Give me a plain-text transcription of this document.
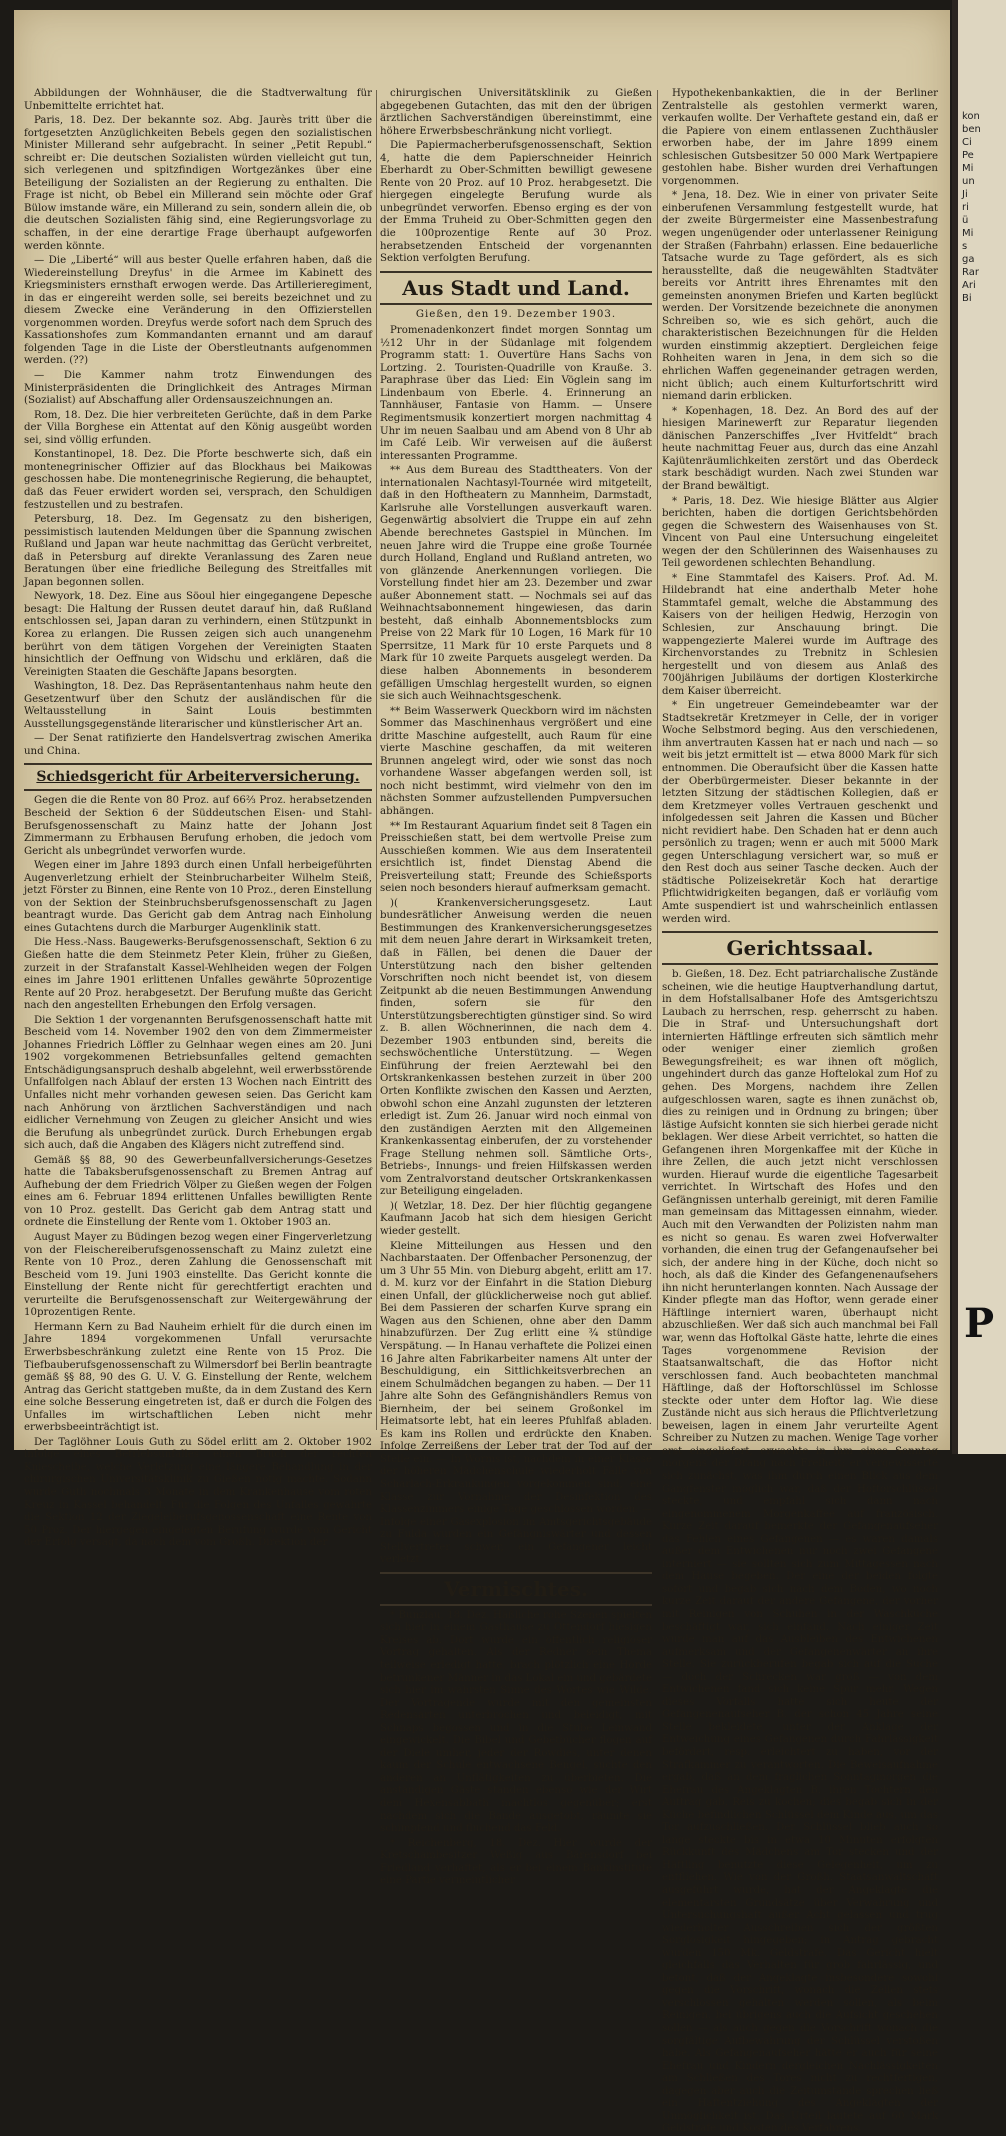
Abbildungen der Wohnhäuser, die die Stadtverwaltung für Unbemittelte errichtet hat.

Paris, 18. Dez. Der bekannte soz. Abg. Jaurès tritt über die fortgesetzten Anzüglichkeiten Bebels gegen den sozialistischen Minister Millerand sehr aufgebracht. In seiner „Petit Republ.“ schreibt er: Die deutschen Sozialisten würden vielleicht gut tun, sich verlegenen und spitzfindigen Wortgezänkes über eine Beteiligung der Sozialisten an der Regierung zu enthalten. Die Frage ist nicht, ob Bebel ein Millerand sein möchte oder Graf Bülow imstande wäre, ein Millerand zu sein, sondern allein die, ob die deutschen Sozialisten fähig sind, eine Regierungsvorlage zu schaffen, in der eine derartige Frage überhaupt aufgeworfen werden könnte.

— Die „Liberté“ will aus bester Quelle erfahren haben, daß die Wiedereinstellung Dreyfus' in die Armee im Kabinett des Kriegsministers ernsthaft erwogen werde. Das Artillerieregiment, in das er eingereiht werden solle, sei bereits bezeichnet und zu diesem Zwecke eine Veränderung in den Offizierstellen vorgenommen worden. Dreyfus werde sofort nach dem Spruch des Kassationshofes zum Kommandanten ernannt und am darauf folgenden Tage in die Liste der Oberstleutnants aufgenommen werden. (??)

— Die Kammer nahm trotz Einwendungen des Ministerpräsidenten die Dringlichkeit des Antrages Mirman (Sozialist) auf Abschaffung aller Ordensauszeichnungen an.

Rom, 18. Dez. Die hier verbreiteten Gerüchte, daß in dem Parke der Villa Borghese ein Attentat auf den König ausgeübt worden sei, sind völlig erfunden.

Konstantinopel, 18. Dez. Die Pforte beschwerte sich, daß ein montenegrinischer Offizier auf das Blockhaus bei Maikowas geschossen habe. Die montenegrinische Regierung, die behauptet, daß das Feuer erwidert worden sei, versprach, den Schuldigen festzustellen und zu bestrafen.

Petersburg, 18. Dez. Im Gegensatz zu den bisherigen, pessimistisch lautenden Meldungen über die Spannung zwischen Rußland und Japan war heute nachmittag das Gerücht verbreitet, daß in Petersburg auf direkte Veranlassung des Zaren neue Beratungen über eine friedliche Beilegung des Streitfalles mit Japan begonnen sollen.

Newyork, 18. Dez. Eine aus Söoul hier eingegangene Depesche besagt: Die Haltung der Russen deutet darauf hin, daß Rußland entschlossen sei, Japan daran zu verhindern, einen Stützpunkt in Korea zu erlangen. Die Russen zeigen sich auch unangenehm berührt von dem tätigen Vorgehen der Vereinigten Staaten hinsichtlich der Oeffnung von Widschu und erklären, daß die Vereinigten Staaten die Geschäfte Japans besorgten.

Washington, 18. Dez. Das Repräsentantenhaus nahm heute den Gesetzentwurf über den Schutz der ausländischen für die Weltausstellung in Saint Louis bestimmten Ausstellungsgegenstände literarischer und künstlerischer Art an.

— Der Senat ratifizierte den Handelsvertrag zwischen Amerika und China.

Schiedsgericht für Arbeiterversicherung.

Gegen die die Rente von 80 Proz. auf 66⅔ Proz. herabsetzenden Bescheid der Sektion 6 der Süddeutschen Eisen- und Stahl-Berufsgenossenschaft zu Mainz hatte der Johann Jost Zimmermann zu Erbhausen Berufung erhoben, die jedoch vom Gericht als unbegründet verworfen wurde.

Wegen einer im Jahre 1893 durch einen Unfall herbeigeführten Augenverletzung erhielt der Steinbrucharbeiter Wilhelm Steiß, jetzt Förster zu Binnen, eine Rente von 10 Proz., deren Einstellung von der Sektion der Steinbruchsberufsgenossenschaft zu Jagen beantragt wurde. Das Gericht gab dem Antrag nach Einholung eines Gutachtens durch die Marburger Augenklinik statt.

Die Hess.-Nass. Baugewerks-Berufsgenossenschaft, Sektion 6 zu Gießen hatte die dem Steinmetz Peter Klein, früher zu Gießen, zurzeit in der Strafanstalt Kassel-Wehlheiden wegen der Folgen eines im Jahre 1901 erlittenen Unfalles gewährte 50prozentige Rente auf 20 Proz. herabgesetzt. Der Berufung mußte das Gericht nach den angestellten Erhebungen den Erfolg versagen.

Die Sektion 1 der vorgenannten Berufsgenossenschaft hatte mit Bescheid vom 14. November 1902 den von dem Zimmermeister Johannes Friedrich Löffler zu Gelnhaar wegen eines am 20. Juni 1902 vorgekommenen Betriebsunfalles geltend gemachten Entschädigungsanspruch deshalb abgelehnt, weil erwerbsstörende Unfallfolgen nach Ablauf der ersten 13 Wochen nach Eintritt des Unfalles nicht mehr vorhanden gewesen seien. Das Gericht kam nach Anhörung von ärztlichen Sachverständigen und nach eidlicher Vernehmung von Zeugen zu gleicher Ansicht und wies die Berufung als unbegründet zurück. Durch Erhebungen ergab sich auch, daß die Angaben des Klägers nicht zutreffend sind.

Gemäß §§ 88, 90 des Gewerbeunfallversicherungs-Gesetzes hatte die Tabaksberufsgenossenschaft zu Bremen Antrag auf Aufhebung der dem Friedrich Völper zu Gießen wegen der Folgen eines am 6. Februar 1894 erlittenen Unfalles bewilligten Rente von 10 Proz. gestellt. Das Gericht gab dem Antrag statt und ordnete die Einstellung der Rente vom 1. Oktober 1903 an.

August Mayer zu Büdingen bezog wegen einer Fingerverletzung von der Fleischereiberufsgenossenschaft zu Mainz zuletzt eine Rente von 10 Proz., deren Zahlung die Genossenschaft mit Bescheid vom 19. Juni 1903 einstellte. Das Gericht konnte die Einstellung der Rente nicht für gerechtfertigt erachten und verurteilte die Berufsgenossenschaft zur Weitergewährung der 10prozentigen Rente.

Hermann Kern zu Bad Nauheim erhielt für die durch einen im Jahre 1894 vorgekommenen Unfall verursachte Erwerbsbeschränkung zuletzt eine Rente von 15 Proz. Die Tiefbauberufsgenossenschaft zu Wilmersdorf bei Berlin beantragte gemäß §§ 88, 90 des G. U. V. G. Einstellung der Rente, welchem Antrag das Gericht stattgeben mußte, da in dem Zustand des Kern eine solche Besserung eingetreten ist, daß er durch die Folgen des Unfalles im wirtschaftlichen Leben nicht mehr erwerbsbeeinträchtigt ist.

Der Taglöhner Louis Guth zu Södel erlitt am 2. Oktober 1902 infolge eines Betriebsunfalles einen Bruch der rechten Kniescheibe, welche Verletzung eine längere Behandlung in der chirurgischen Universitätsklinik zu Gießen nötig machte. Sodann wurde Guth nochmals 3 Monate in dem Krankenhause vom roten Kreuz in Kassel behandelt. Für die Folgen des Unfalles gewährte die Sektion 12 der Ziegeleiberufsgenossenschaft eine Rente von 50 Proz. Der hiergegen eingelegten Berufung wurde vom Gericht der Erfolg versagt, da nach dem vom Großh. Direktion der

chirurgischen Universitätsklinik zu Gießen abgegebenen Gutachten, das mit den der übrigen ärztlichen Sachverständigen übereinstimmt, eine höhere Erwerbsbeschränkung nicht vorliegt.

Die Papiermacherberufsgenossenschaft, Sektion 4, hatte die dem Papierschneider Heinrich Eberhardt zu Ober-Schmitten bewilligt gewesene Rente von 20 Proz. auf 10 Proz. herabgesetzt. Die hiergegen eingelegte Berufung wurde als unbegründet verworfen. Ebenso erging es der von der Emma Truheid zu Ober-Schmitten gegen den die 100prozentige Rente auf 30 Proz. herabsetzenden Entscheid der vorgenannten Sektion verfolgten Berufung.

Aus Stadt und Land.

Gießen, den 19. Dezember 1903.

Promenadenkonzert findet morgen Sonntag um ½12 Uhr in der Südanlage mit folgendem Programm statt: 1. Ouvertüre Hans Sachs von Lortzing. 2. Touristen-Quadrille von Krauße. 3. Paraphrase über das Lied: Ein Vöglein sang im Lindenbaum von Eberle. 4. Erinnerung an Tannhäuser, Fantasie von Hamm. — Unsere Regimentsmusik konzertiert morgen nachmittag 4 Uhr im neuen Saalbau und am Abend von 8 Uhr ab im Café Leib. Wir verweisen auf die äußerst interessanten Programme.

** Aus dem Bureau des Stadttheaters. Von der internationalen Nachtasyl-Tournée wird mitgeteilt, daß in den Hoftheatern zu Mannheim, Darmstadt, Karlsruhe alle Vorstellungen ausverkauft waren. Gegenwärtig absolviert die Truppe ein auf zehn Abende berechnetes Gastspiel in München. Im neuen Jahre wird die Truppe eine große Tournée durch Holland, England und Rußland antreten, wo von glänzende Anerkennungen vorliegen. Die Vorstellung findet hier am 23. Dezember und zwar außer Abonnement statt. — Nochmals sei auf das Weihnachtsabonnement hingewiesen, das darin besteht, daß einhalb Abonnementsblocks zum Preise von 22 Mark für 10 Logen, 16 Mark für 10 Sperrsitze, 11 Mark für 10 erste Parquets und 8 Mark für 10 zweite Parquets ausgelegt werden. Da diese halben Abonnements in besonderem gefälligen Umschlag hergestellt wurden, so eignen sie sich auch Weihnachtsgeschenk.

** Beim Wasserwerk Queckborn wird im nächsten Sommer das Maschinenhaus vergrößert und eine dritte Maschine aufgestellt, auch Raum für eine vierte Maschine geschaffen, da mit weiteren Brunnen angelegt wird, oder wie sonst das noch vorhandene Wasser abgefangen werden soll, ist noch nicht bestimmt, wird vielmehr von den im nächsten Sommer aufzustellenden Pumpversuchen abhängen.

** Im Restaurant Aquarium findet seit 8 Tagen ein Preisschießen statt, bei dem wertvolle Preise zum Ausschießen kommen. Wie aus dem Inseratenteil ersichtlich ist, findet Dienstag Abend die Preisverteilung statt; Freunde des Schießsports seien noch besonders hierauf aufmerksam gemacht.

)( Krankenversicherungsgesetz. Laut bundesrätlicher Anweisung werden die neuen Bestimmungen des Krankenversicherungsgesetzes mit dem neuen Jahre derart in Wirksamkeit treten, daß in Fällen, bei denen die Dauer der Unterstützung nach den bisher geltenden Vorschriften noch nicht beendet ist, von diesem Zeitpunkt ab die neuen Bestimmungen Anwendung finden, sofern sie für den Unterstützungsberechtigten günstiger sind. So wird z. B. allen Wöchnerinnen, die nach dem 4. Dezember 1903 entbunden sind, bereits die sechswöchentliche Unterstützung. — Wegen Einführung der freien Aerztewahl bei den Ortskrankenkassen bestehen zurzeit in über 200 Orten Konflikte zwischen den Kassen und Aerzten, obwohl schon eine Anzahl zugunsten der letzteren erledigt ist. Zum 26. Januar wird noch einmal von den zuständigen Aerzten mit den Allgemeinen Krankenkassentag einberufen, der zu vorstehender Frage Stellung nehmen soll. Sämtliche Orts-, Betriebs-, Innungs- und freien Hilfskassen werden vom Zentralvorstand deutscher Ortskrankenkassen zur Beteiligung eingeladen.

)( Wetzlar, 18. Dez. Der hier flüchtig gegangene Kaufmann Jacob hat sich dem hiesigen Gericht wieder gestellt.

Kleine Mitteilungen aus Hessen und den Nachbarstaaten. Der Offenbacher Personenzug, der um 3 Uhr 55 Min. von Dieburg abgeht, erlitt am 17. d. M. kurz vor der Einfahrt in die Station Dieburg einen Unfall, der glücklicherweise noch gut ablief. Bei dem Passieren der scharfen Kurve sprang ein Wagen aus den Schienen, ohne aber den Damm hinabzufürzen. Der Zug erlitt eine ¾ stündige Verspätung. — In Hanau verhaftete die Polizei einen 16 Jahre alten Fabrikarbeiter namens Alt unter der Beschuldigung, ein Sittlichkeitsverbrechen an einem Schulmädchen begangen zu haben. — Der 11 Jahre alte Sohn des Gefängnishändlers Remus von Biernheim, der bei seinem Großonkel im Heimatsorte lebt, hat ein leeres Pfuhlfaß abladen. Es kam ins Rollen und erdrückte den Knaben. Infolge Zerreißens der Leber trat der Tod auf der Stelle ein. — In Worms ist, nachdem in einer Klasse der höheren Mädchenschule wiederholt Fälle von Scharlach-Erkrankungen vorgekommen sind, eine Klasse zur Vornahme der Desinfektion des Klassenzimmers einige Tage geschlossen worden. — Infolge einer Gasexplosion im Amtsgerichtsgebäude zu Fulda wurden ein Gefängniswärter und dessen Stellvertreter schwer, ein Gefangener leicht verletzt.

Vermischtes.

* Bunzlau, 18. Dez. Häßliche rohe Szenen spielten sich hier in einem Gasthause zu Ottendorf hiesigen Kreises ab. Dort wurde ein öffentlich religiöser Vortrag gehalten. Als der Redner sein Thema teilweise erledigt hatte, brach plötzlich eine Horde betrunkener Männer in das Lokal ein und gebärdete sich hier im wahrsten Sinne des Wortes wie Wilde. Der Vortragende wurde mit den gemeinsten Redensarten unterbrochen und beleidigt, mit Schnaps begossen und in die Stube Leinwand eingewickelt. Die Bibel und Gebetbücher flogen auf der Diele umher, jeder der Rowdies, unter denen kaum der Schule entwachsene Bengel, suchte den anderen an Unflätigkeiten zu überbieten. Die anständigen Gäste standen ebenso wie der Wirt dem Hexensabbath machtlos gegenüber; erst nachdem sich die Bande ausgetobt, räumte sie schimpfend und fluchend das Feld.

* Reichenberg, 18. Dez. Hier wurde der Kretschambesitzer Weßig aus Bärensdorf bei Friedland verhaftet, als er bei einem Bankinstitute eine Partie vermeintlicher

Hypothekenbankaktien, die in der Berliner Zentralstelle als gestohlen vermerkt waren, verkaufen wollte. Der Verhaftete gestand ein, daß er die Papiere von einem entlassenen Zuchthäusler erworben habe, der im Jahre 1899 einem schlesischen Gutsbesitzer 50 000 Mark Wertpapiere gestohlen habe. Bisher wurden drei Verhaftungen vorgenommen.

* Jena, 18. Dez. Wie in einer von privater Seite einberufenen Versammlung festgestellt wurde, hat der zweite Bürgermeister eine Massenbestrafung wegen ungenügender oder unterlassener Reinigung der Straßen (Fahrbahn) erlassen. Eine bedauerliche Tatsache wurde zu Tage gefördert, als es sich herausstellte, daß die neugewählten Stadtväter bereits vor Antritt ihres Ehrenamtes mit den gemeinsten anonymen Briefen und Karten beglückt werden. Der Vorsitzende bezeichnete die anonymen Schreiben so, wie es sich gehört, auch die charakteristischen Bezeichnungen für die Helden wurden einstimmig akzeptiert. Dergleichen feige Rohheiten waren in Jena, in dem sich so die ehrlichen Waffen gegeneinander getragen werden, nicht üblich; auch einem Kulturfortschritt wird niemand darin erblicken.

* Kopenhagen, 18. Dez. An Bord des auf der hiesigen Marinewerft zur Reparatur liegenden dänischen Panzerschiffes „Iver Hvitfeldt“ brach heute nachmittag Feuer aus, durch das eine Anzahl Kajütenräumlichkeiten zerstört und das Oberdeck stark beschädigt wurden. Nach zwei Stunden war der Brand bewältigt.

* Paris, 18. Dez. Wie hiesige Blätter aus Algier berichten, haben die dortigen Gerichtsbehörden gegen die Schwestern des Waisenhauses von St. Vincent von Paul eine Untersuchung eingeleitet wegen der den Schülerinnen des Waisenhauses zu Teil gewordenen schlechten Behandlung.

* Eine Stammtafel des Kaisers. Prof. Ad. M. Hildebrandt hat eine anderthalb Meter hohe Stammtafel gemalt, welche die Abstammung des Kaisers von der heiligen Hedwig, Herzogin von Schlesien, zur Anschauung bringt. Die wappengezierte Malerei wurde im Auftrage des Kirchenvorstandes zu Trebnitz in Schlesien hergestellt und von diesem aus Anlaß des 700jährigen Jubiläums der dortigen Klosterkirche dem Kaiser überreicht.

* Ein ungetreuer Gemeindebeamter war der Stadtsekretär Kretzmeyer in Celle, der in voriger Woche Selbstmord beging. Aus den verschiedenen, ihm anvertrauten Kassen hat er nach und nach — so weit bis jetzt ermittelt ist — etwa 8000 Mark für sich entnommen. Die Oberaufsicht über die Kassen hatte der Oberbürgermeister. Dieser bekannte in der letzten Sitzung der städtischen Kollegien, daß er dem Kretzmeyer volles Vertrauen geschenkt und infolgedessen seit Jahren die Kassen und Bücher nicht revidiert habe. Den Schaden hat er denn auch persönlich zu tragen; wenn er auch mit 5000 Mark gegen Unterschlagung versichert war, so muß er den Rest doch aus seiner Tasche decken. Auch der städtische Polizeisekretär Koch hat derartige Pflichtwidrigkeiten begangen, daß er vorläufig vom Amte suspendiert ist und wahrscheinlich entlassen werden wird.

Gerichtssaal.

b. Gießen, 18. Dez. Echt patriarchalische Zustände scheinen, wie die heutige Hauptverhandlung dartut, in dem Hofstallsalbaner Hofe des Amtsgerichtszu Laubach zu herrschen, resp. geherrscht zu haben. Die in Straf- und Untersuchungshaft dort internierten Häftlinge erfreuten sich sämtlich mehr oder weniger einer ziemlich großen Bewegungsfreiheit; es war ihnen oft möglich, ungehindert durch das ganze Hoftelokal zum Hof zu gehen. Des Morgens, nachdem ihre Zellen aufgeschlossen waren, sagte es ihnen zunächst ob, dies zu reinigen und in Ordnung zu bringen; über lästige Aufsicht konnten sie sich hierbei gerade nicht beklagen. Wer diese Arbeit verrichtet, so hatten die Gefangenen ihren Morgenkaffee mit der Küche in ihre Zellen, die auch jetzt nicht verschlossen wurden. Hierauf wurde die eigentliche Tagesarbeit verrichtet. In Wirtschaft des Hofes und den Gefängnissen unterhalb gereinigt, mit deren Familie man gemeinsam das Mittagessen einnahm, wieder. Auch mit den Verwandten der Polizisten nahm man es nicht so genau. Es waren zwei Hofverwalter vorhanden, die einen trug der Gefangenaufseher bei sich, der andere hing in der Küche, doch nicht so hoch, als daß die Kinder des Gefangenenaufsehers ihn nicht herunterlangen konnten. Nach Aussage der Kinder pflegte man das Hoftor, wenn gerade einer Häftlinge interniert waren, überhaupt nicht abzuschließen. Wer daß sich auch manchmal bei Fall war, wenn das Hoftolkal Gäste hatte, lehrte die eines Tages vorgenommene Revision der Staatsanwaltschaft, die das Hoftor nicht verschlossen fand. Auch beobachteten manchmal Häftlinge, daß der Hoftorschlüssel im Schlosse steckte oder unter dem Hoftor lag. Wie diese Zustände nicht aus sich heraus die Pflichtverletzung beweisen, lagen in einem Jahr verurteilte Agent Schreiber zu Nutzen zu machen. Wenige Tage vorher erst eingeliefert, erwachte in ihm eines Sonntag morgens der Drang nach Freiheit; er vergewisserte sich zunächst, was ihm durch einen Blick aus dem Gangfenster möglich war, daß der Hoftorschlüssel steckte, und empfahl sich dann nach eingenommenem Morgenkaffee auf französisch. Kurze Zeit darauf bemerkte der Gefangenaufseher das Fehlen eines Gefangenen — es waren damals außer dem Entwichenen nur noch zwei Gefangene interniert — sie sollten sich zum Mittagessen nach dem Hause begeben. Der eine der beiden folgte sofort und begab sich nach dem Boden, wo noch kurze Zeit darauf der andere Gefangene, der vorher mit Reinigen von Schuhen in der Waschküche beschäftigt war, sich einfand. Nach einiger Zeit wurde man auf das Ausbleiben des Entwichenen aufmerksam und der Gefangenenwärter an ihre Stelle. Sie zurückberufen begab sich auf die Suche — doch der Schrecken war groß — von dem Entwichenen fand sich keine Spur mehr. Wegen dieses Vorfalls hatte sich heute der Gefangenenaufseher B. der schon 45 Jahre seine Stelle bekleidete, unter der Anklage der Entweichung eines Gefangenen durch Fahrlässigkeit befördert, resp. erleichtert zu haben, vor der Strafkammer zu verantworten. Die Beweisaufnahme ergab, daß an dem fraglichen Sonntagmorgen die Ehefrau des Angeklagten B. ihren Töchtern den Auftrag gab, Reis zu kochen; dies begab sich in der Küche befindlichen Schlüssel dem Kinde aus, um das Tor aufzuschließen. Der Schlüssel blieb auch so lange steckte bis in etwa 10 Minuten erfolgten Rückkunft des Mädchens am Tor stecken und der Häftling benutzte diese Gelegenheit, um zu entfliehen. Wie von der Großh. Staatsanwaltschaft ausgeführt wurde, hat der Angeklagte die elementarsten Grundsätze über Verwahrung und Untersuchungshaft außer Acht gelassen und trug wiederholter Ausschreiben sich der größten Sorglosigkeit hingegeben; in Antrag gebracht wurden 150 Mk. Geldstrafe. Das Gericht hielt gleichfalls das Verhalten für grob fahrlässig, und betont, daß der Angeklagte insbesondere sowohl gegen die Vorschrift, wonach die Zellen stets verschlossen gehalten werden sollen, als beim Reinigen, bei übrigens auch die Aufsicht geschehen sollen — als auch gegen die Vorschrift wonach die sorgfältige Aufbewahrung der Schlüssel verstoßen habe. Als Gefangenaufseher hätte er auch für seine Ehefrau und Kindern dergleichen Nachlässigkeiten am Schließen des Tores nicht zu rechtfertigen, dagegen aber auch die Zeitumstände sprechen ließ ein Haftentziehung des Angeklagten der Unmöglichkeit ist. Das Urteil lautete auf 60 Mark Geldstrafe und Kosten des Verfahrens.

kon
ben
Ci
Pe
Mi
un
Ji
ri
ü
Mi
s
ga
Rar
Ari
Bi
P
